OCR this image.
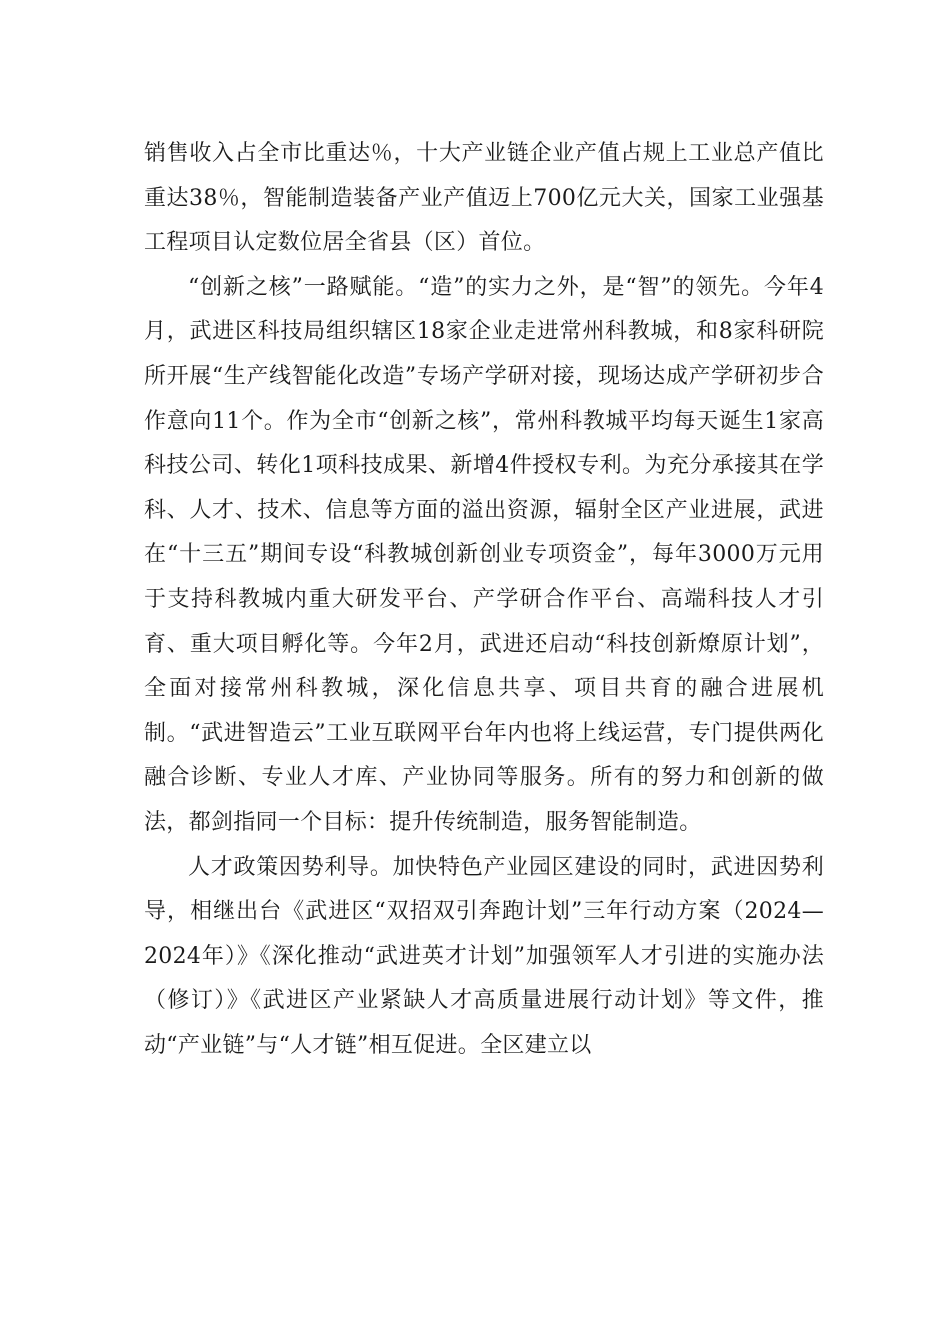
销售收入占全市比重达％，十大产业链企业产值占规上工业总产值比重达38％，智能制造装备产业产值迈上700亿元大关，国家工业强基工程项目认定数位居全省县（区）首位。

“创新之核”一路赋能。“造”的实力之外，是“智”的领先。今年4月，武进区科技局组织辖区18家企业走进常州科教城，和8家科研院所开展“生产线智能化改造”专场产学研对接，现场达成产学研初步合作意向11个。作为全市“创新之核”，常州科教城平均每天诞生1家高科技公司、转化1项科技成果、新增4件授权专利。为充分承接其在学科、人才、技术、信息等方面的溢出资源，辐射全区产业进展，武进在“十三五”期间专设“科教城创新创业专项资金”，每年3000万元用于支持科教城内重大研发平台、产学研合作平台、高端科技人才引育、重大项目孵化等。今年2月，武进还启动“科技创新燎原计划”，全面对接常州科教城，深化信息共享、项目共育的融合进展机制。“武进智造云”工业互联网平台年内也将上线运营，专门提供两化融合诊断、专业人才库、产业协同等服务。所有的努力和创新的做法，都剑指同一个目标：提升传统制造，服务智能制造。

人才政策因势利导。加快特色产业园区建设的同时，武进因势利导，相继出台《武进区“双招双引奔跑计划”三年行动方案（2024—2024年）》《深化推动“武进英才计划”加强领军人才引进的实施办法（修订）》《武进区产业紧缺人才高质量进展行动计划》等文件，推动“产业链”与“人才链”相互促进。全区建立以
